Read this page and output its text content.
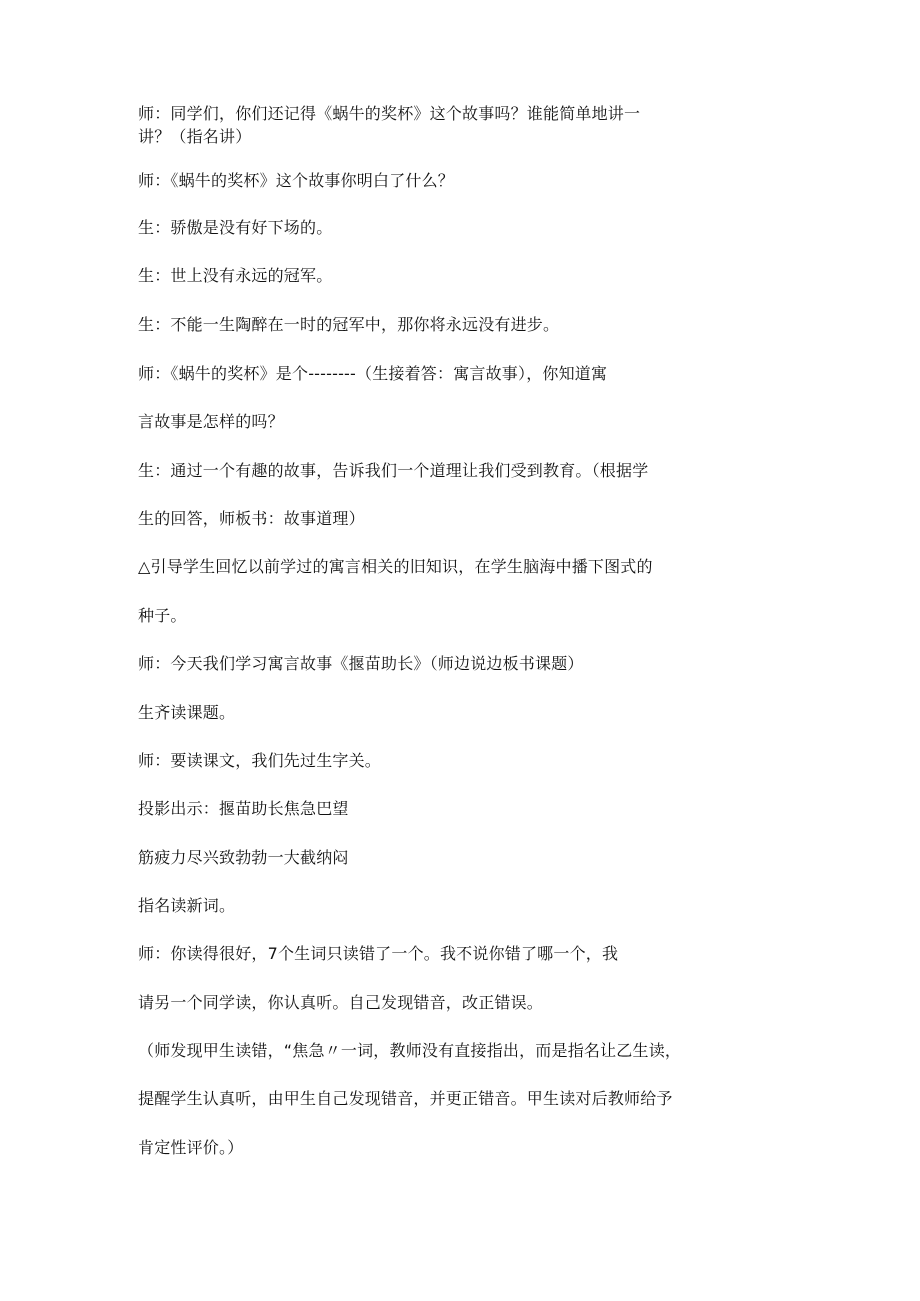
师：同学们，你们还记得《蜗牛的奖杯》这个故事吗？谁能简单地讲一
讲？（指名讲）
师：《蜗牛的奖杯》这个故事你明白了什么？
生：骄傲是没有好下场的。
生：世上没有永远的冠军。
生：不能一生陶醉在一时的冠军中，那你将永远没有进步。
师：《蜗牛的奖杯》是个--------（生接着答：寓言故事），你知道寓
言故事是怎样的吗？
生：通过一个有趣的故事，告诉我们一个道理让我们受到教育。（根据学
生的回答，师板书：故事道理）
△引导学生回忆以前学过的寓言相关的旧知识，在学生脑海中播下图式的
种子。
师：今天我们学习寓言故事《揠苗助长》（师边说边板书课题）
生齐读课题。
师：要读课文，我们先过生字关。
投影出示：揠苗助长焦急巴望
筋疲力尽兴致勃勃一大截纳闷
指名读新词。
师：你读得很好，7个生词只读错了一个。我不说你错了哪一个，我
请另一个同学读，你认真听。自己发现错音，改正错误。
（师发现甲生读错，“焦急〃一词，教师没有直接指出，而是指名让乙生读，
提醒学生认真听，由甲生自己发现错音，并更正错音。甲生读对后教师给予
肯定性评价。）
